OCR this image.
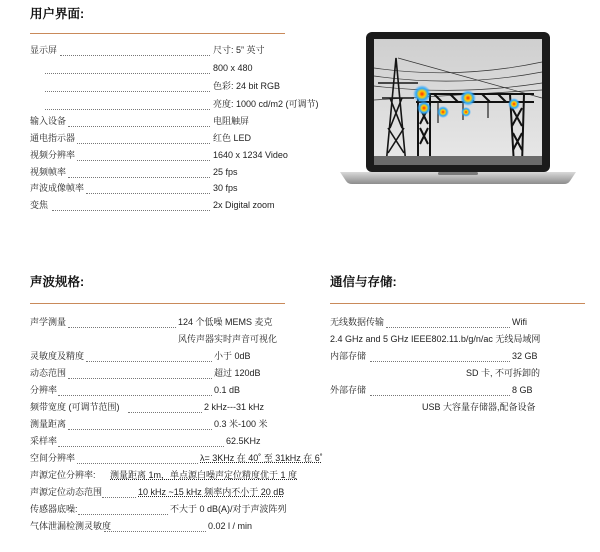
用户界面:
显示屏	尺寸: 5” 英寸
800 x 480
色彩: 24 bit RGB
亮度: 1000 cd/m2 (可调节)
输入设备	电阻触屏
通电指示器	红色 LED
视频分辨率	1640 x 1234 Video
视频帧率	25 fps
声波成像帧率	30 fps
变焦	2x Digital zoom
声波规格:
声学测量	124 个低噪 MEMS 麦克
风传声器实时声音可视化
灵敏度及精度	小于 0dB
动态范围	超过 120dB
分辨率	0.1 dB
频带宽度 (可调节范围)	2 kHz---31 kHz
测量距离	0.3 米-100 米
采样率	62.5KHz
空间分辨率	λ= 3KHz 在 40˚ 至 31kHz 在 6˚
声源定位分辨率: 测量距离 1m，单点源白噪声定位精度优于 1 度
声源定位动态范围	10 kHz ~15 kHz 频率内不小于 20 dB
传感器底噪:	不大于 0 dB(A)/对于声波阵列
气体泄漏检测灵敏度	0.02 l / min
通信与存储:
无线数据传输	Wifi
2.4 GHz and 5 GHz IEEE802.11.b/g/n/ac 无线局域网
内部存储	32 GB
SD 卡, 不可拆卸的
外部存储	8 GB
USB 大容量存储器,配备设备
